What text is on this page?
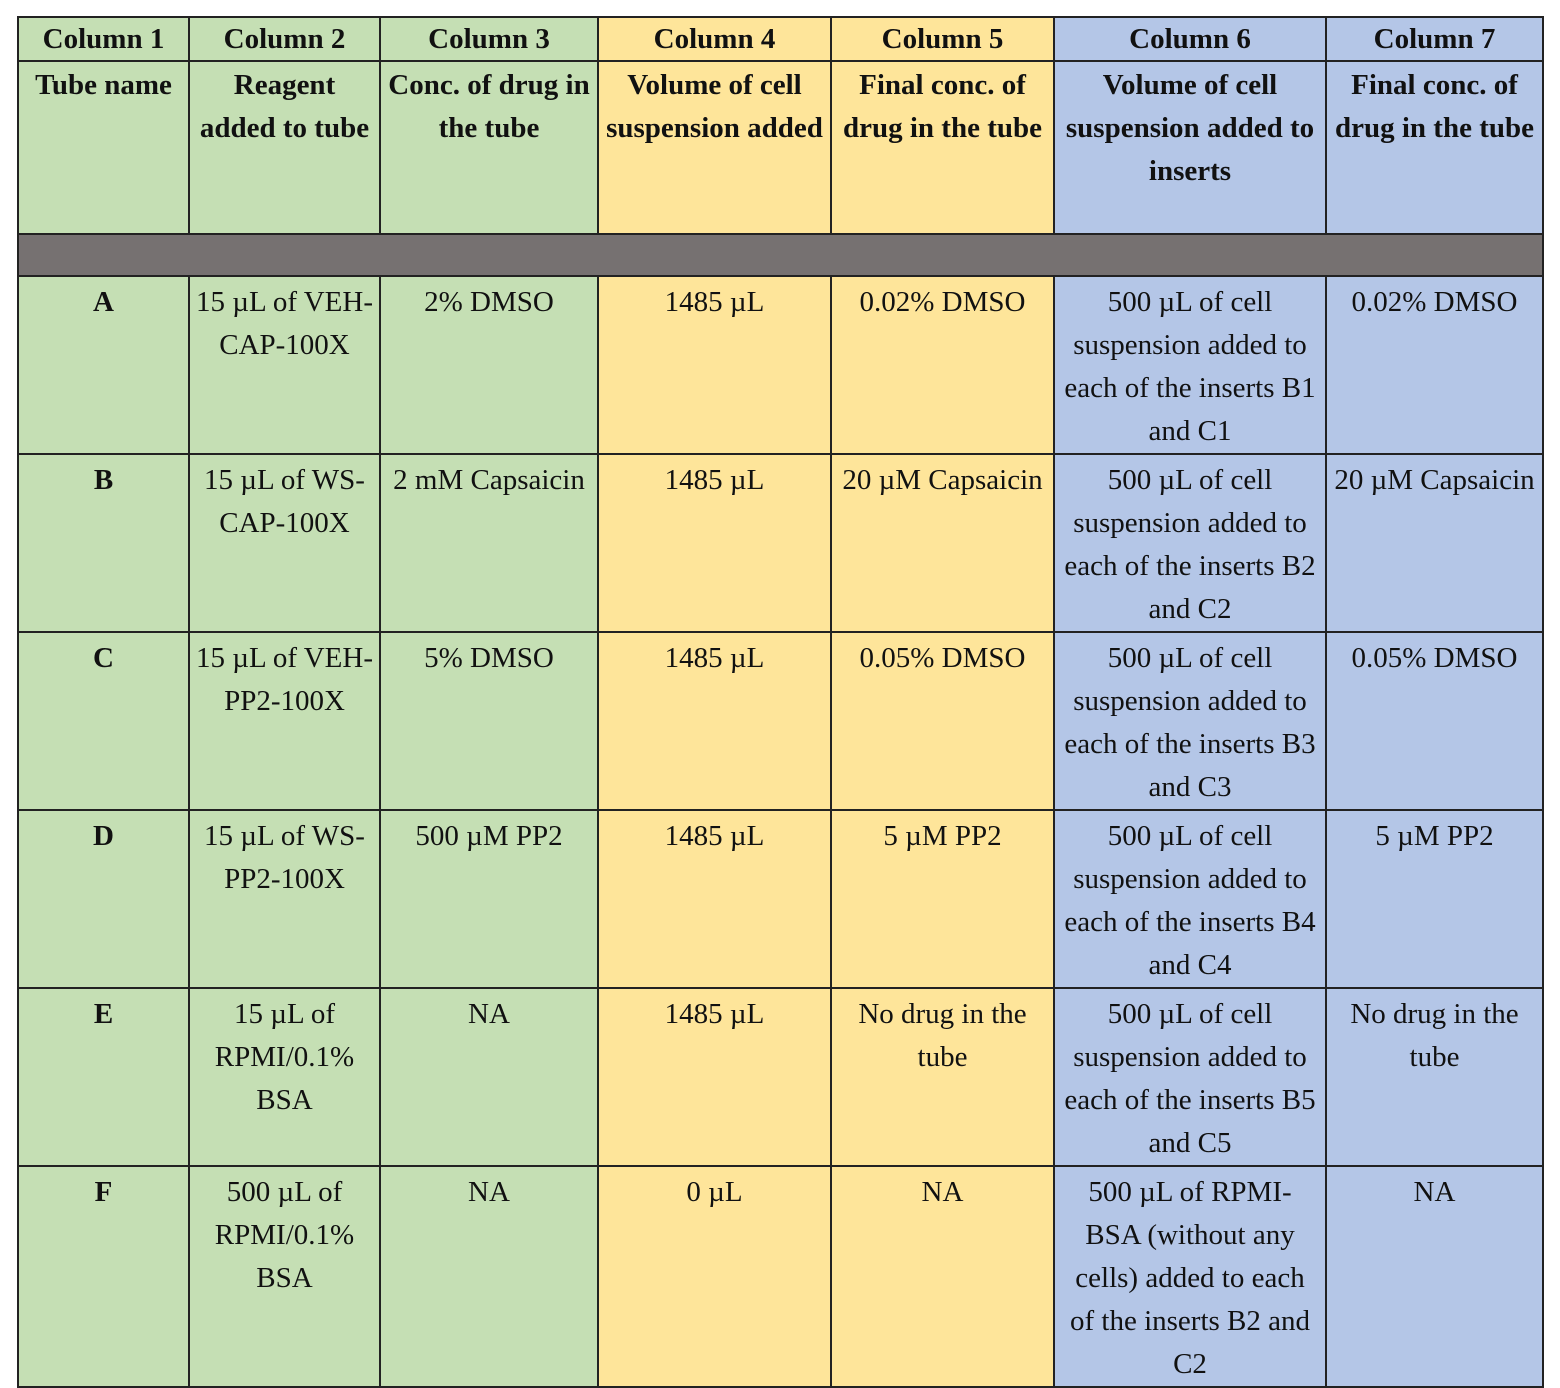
Column 1	Column 2	Column 3	Column 4	Column 5	Column 6	Column 7
Tube name	Reagent added to tube	Conc. of drug in the tube	Volume of cell suspension added	Final conc. of drug in the tube	Volume of cell suspension added to inserts	Final conc. of drug in the tube

A	15 µL of VEH-CAP-100X	2% DMSO	1485 µL	0.02% DMSO	500 µL of cell suspension added to each of the inserts B1 and C1	0.02% DMSO
B	15 µL of WS-CAP-100X	2 mM Capsaicin	1485 µL	20 µM Capsaicin	500 µL of cell suspension added to each of the inserts B2 and C2	20 µM Capsaicin
C	15 µL of VEH-PP2-100X	5% DMSO	1485 µL	0.05% DMSO	500 µL of cell suspension added to each of the inserts B3 and C3	0.05% DMSO
D	15 µL of WS-PP2-100X	500 µM PP2	1485 µL	5 µM PP2	500 µL of cell suspension added to each of the inserts B4 and C4	5 µM PP2
E	15 µL of RPMI/0.1% BSA	NA	1485 µL	No drug in the tube	500 µL of cell suspension added to each of the inserts B5 and C5	No drug in the tube
F	500 µL of RPMI/0.1% BSA	NA	0 µL	NA	500 µL of RPMI-BSA (without any cells) added to each of the inserts B2 and C2	NA
